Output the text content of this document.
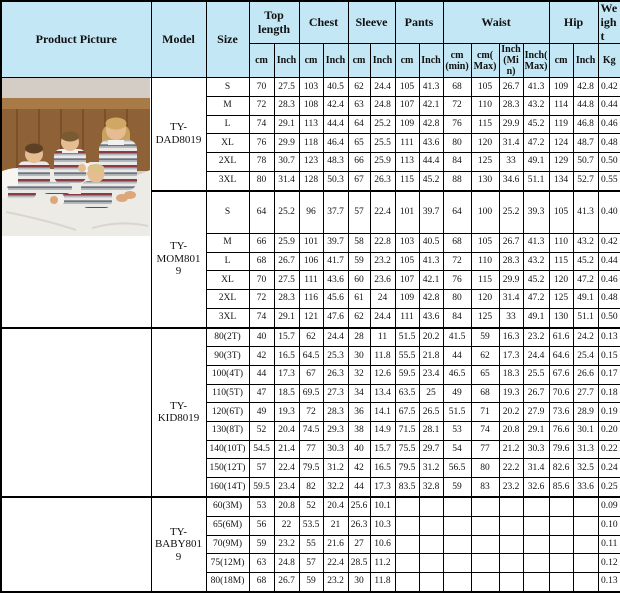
Product Picture	Model	Size	Top length		Chest		Sleeve		Pants		Waist				Hip		Weight
			cm	Inch	cm	Inch	cm	Inch	cm	Inch	cm (min)	cm(Max)	Inch (Min)	Inch(Max)	cm	Inch	Kg

	TY-DAD8019	S	70	27.5	103	40.5	62	24.4	105	41.3	68	105	26.7	41.3	109	42.8	0.42
		M	72	28.3	108	42.4	63	24.8	107	42.1	72	110	28.3	43.2	114	44.8	0.44
		L	74	29.1	113	44.4	64	25.2	109	42.8	76	115	29.9	45.2	119	46.8	0.46
		XL	76	29.9	118	46.4	65	25.5	111	43.6	80	120	31.4	47.2	124	48.7	0.48
		2XL	78	30.7	123	48.3	66	25.9	113	44.4	84	125	33	49.1	129	50.7	0.50
		3XL	80	31.4	128	50.3	67	26.3	115	45.2	88	130	34.6	51.1	134	52.7	0.55
	TY-MOM8019	S	64	25.2	96	37.7	57	22.4	101	39.7	64	100	25.2	39.3	105	41.3	0.40
		M	66	25.9	101	39.7	58	22.8	103	40.5	68	105	26.7	41.3	110	43.2	0.42
		L	68	26.7	106	41.7	59	23.2	105	41.3	72	110	28.3	43.2	115	45.2	0.44
		XL	70	27.5	111	43.6	60	23.6	107	42.1	76	115	29.9	45.2	120	47.2	0.46
		2XL	72	28.3	116	45.6	61	24	109	42.8	80	120	31.4	47.2	125	49.1	0.48
		3XL	74	29.1	121	47.6	62	24.4	111	43.6	84	125	33	49.1	130	51.1	0.50
	TY-KID8019	80(2T)	40	15.7	62	24.4	28	11	51.5	20.2	41.5	59	16.3	23.2	61.6	24.2	0.13
		90(3T)	42	16.5	64.5	25.3	30	11.8	55.5	21.8	44	62	17.3	24.4	64.6	25.4	0.15
		100(4T)	44	17.3	67	26.3	32	12.6	59.5	23.4	46.5	65	18.3	25.5	67.6	26.6	0.17
		110(5T)	47	18.5	69.5	27.3	34	13.4	63.5	25	49	68	19.3	26.7	70.6	27.7	0.18
		120(6T)	49	19.3	72	28.3	36	14.1	67.5	26.5	51.5	71	20.2	27.9	73.6	28.9	0.19
		130(8T)	52	20.4	74.5	29.3	38	14.9	71.5	28.1	53	74	20.8	29.1	76.6	30.1	0.20
		140(10T)	54.5	21.4	77	30.3	40	15.7	75.5	29.7	54	77	21.2	30.3	79.6	31.3	0.22
		150(12T)	57	22.4	79.5	31.2	42	16.5	79.5	31.2	56.5	80	22.2	31.4	82.6	32.5	0.24
		160(14T)	59.5	23.4	82	32.2	44	17.3	83.5	32.8	59	83	23.2	32.6	85.6	33.6	0.25
	TY-BABY8019	60(3M)	53	20.8	52	20.4	25.6	10.1									0.09
		65(6M)	56	22	53.5	21	26.3	10.3									0.10
		70(9M)	59	23.2	55	21.6	27	10.6									0.11
		75(12M)	63	24.8	57	22.4	28.5	11.2									0.12
		80(18M)	68	26.7	59	23.2	30	11.8									0.13
